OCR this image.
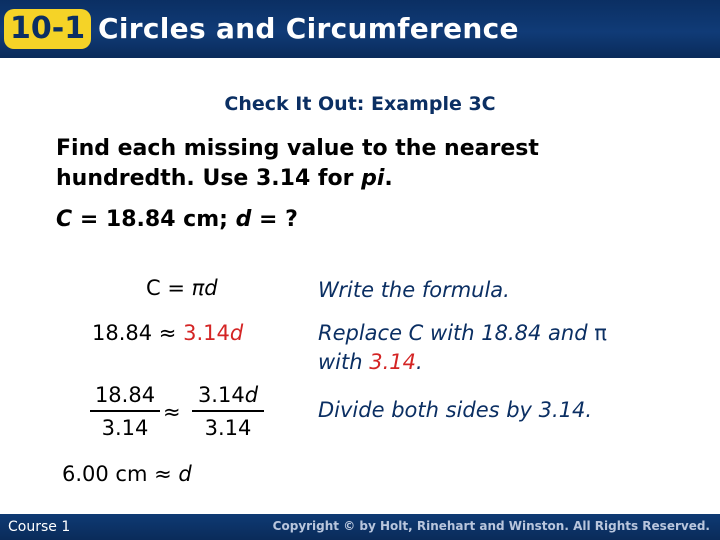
10-1 Circles and Circumference
Check It Out: Example 3C
Find each missing value to the nearest
hundredth. Use 3.14 for pi.
C = 18.84 cm; d = ?
C = πd	Write the formula.
18.84 ≈ 3.14d	Replace C with 18.84 and π
with 3.14.
$\frac{18.84}{3.14} \approx \frac{3.14d}{3.14}$	Divide both sides by 3.14.
6.00 cm ≈ d
Course 1	Copyright © by Holt, Rinehart and Winston. All Rights Reserved.
